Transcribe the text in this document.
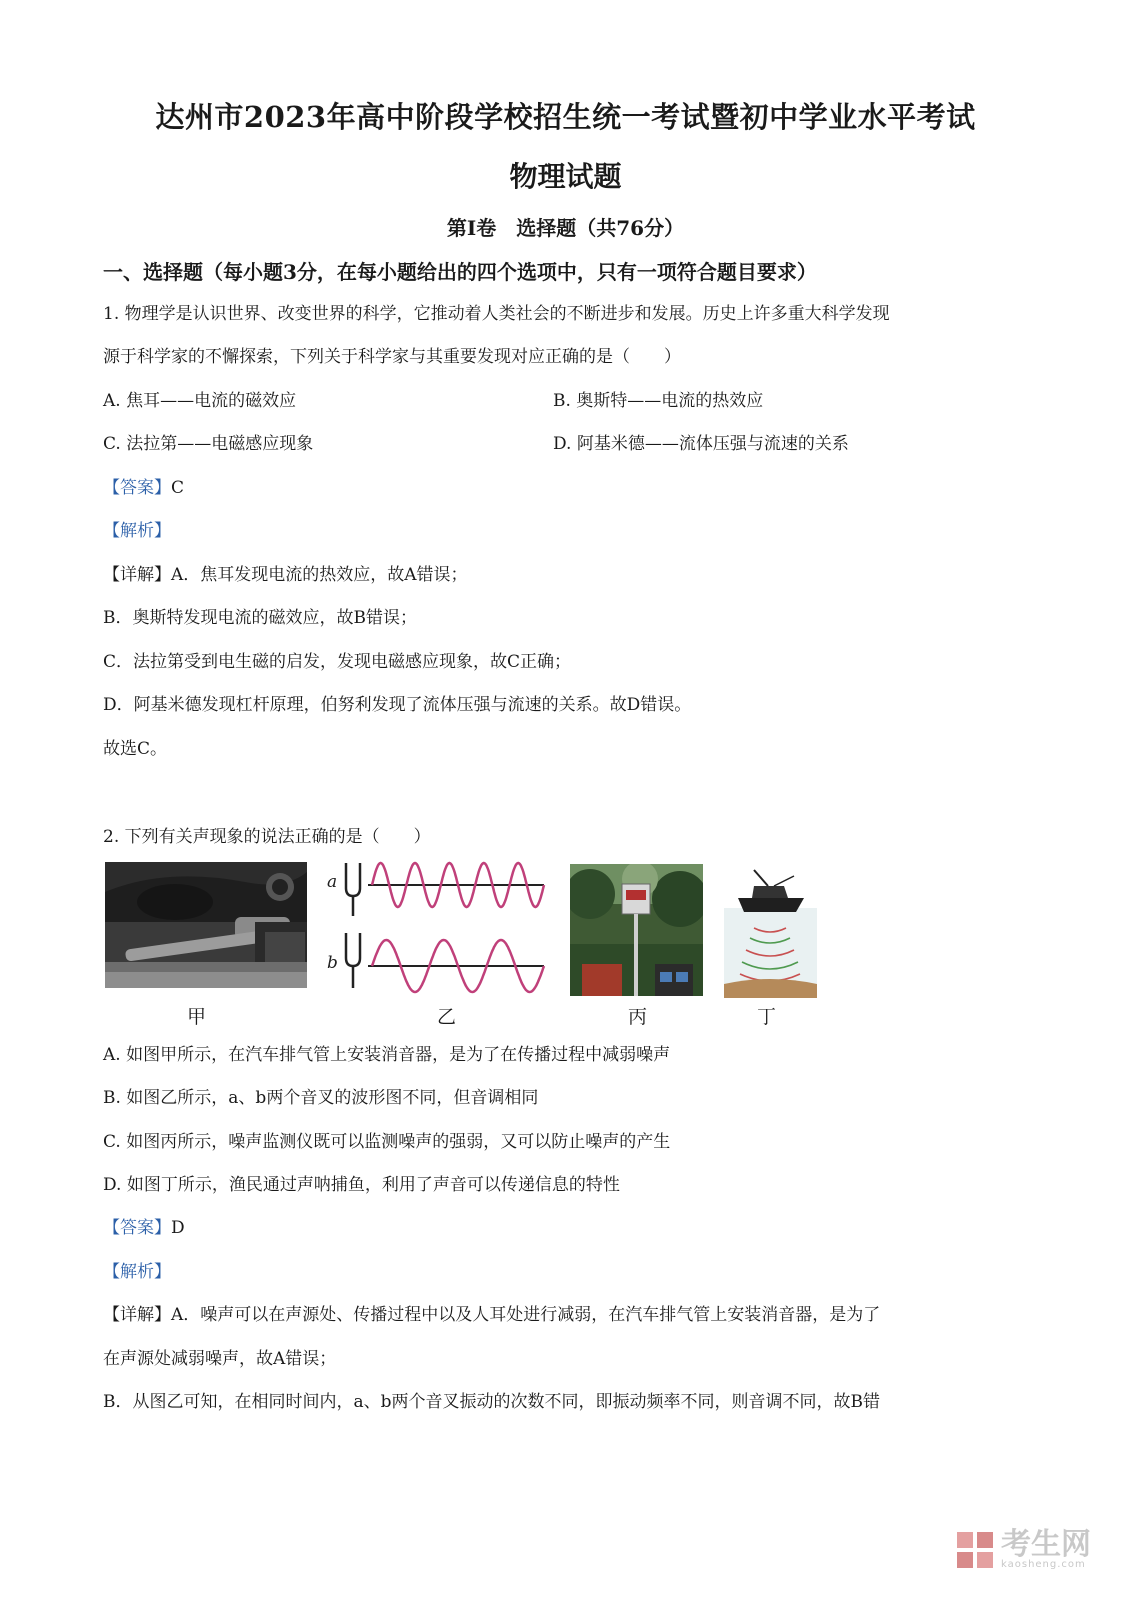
达州市2023年高中阶段学校招生统一考试暨初中学业水平考试
物理试题
第Ⅰ卷　选择题（共76分）
一、选择题（每小题3分，在每小题给出的四个选项中，只有一项符合题目要求）
1. 物理学是认识世界、改变世界的科学，它推动着人类社会的不断进步和发展。历史上许多重大科学发现
源于科学家的不懈探索，下列关于科学家与其重要发现对应正确的是（　　）
A. 焦耳——电流的磁效应	B. 奥斯特——电流的热效应
C. 法拉第——电磁感应现象	D. 阿基米德——流体压强与流速的关系
【答案】C
【解析】
【详解】A．焦耳发现电流的热效应，故A错误；
B．奥斯特发现电流的磁效应，故B错误；
C．法拉第受到电生磁的启发，发现电磁感应现象，故C正确；
D．阿基米德发现杠杆原理，伯努利发现了流体压强与流速的关系。故D错误。
故选C。
2. 下列有关声现象的说法正确的是（　　）
甲
a
b
乙	丙	丁
A. 如图甲所示，在汽车排气管上安装消音器，是为了在传播过程中减弱噪声
B. 如图乙所示，a、b两个音叉的波形图不同，但音调相同
C. 如图丙所示，噪声监测仪既可以监测噪声的强弱，又可以防止噪声的产生
D. 如图丁所示，渔民通过声呐捕鱼，利用了声音可以传递信息的特性
【答案】D
【解析】
【详解】A．噪声可以在声源处、传播过程中以及人耳处进行减弱，在汽车排气管上安装消音器，是为了
在声源处减弱噪声，故A错误；
B．从图乙可知，在相同时间内，a、b两个音叉振动的次数不同，即振动频率不同，则音调不同，故B错
考生网
kaosheng.com
